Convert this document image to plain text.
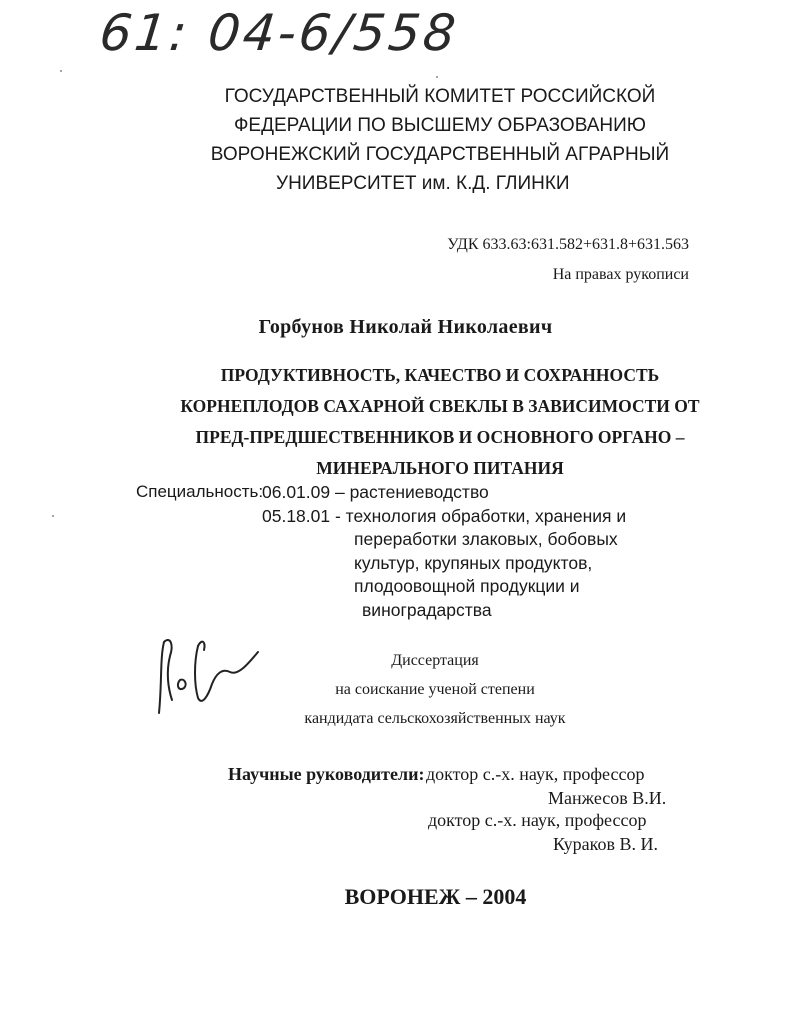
61: 04-6/558
ГОСУДАРСТВЕННЫЙ КОМИТЕТ РОССИЙСКОЙ
ФЕДЕРАЦИИ ПО ВЫСШЕМУ ОБРАЗОВАНИЮ
ВОРОНЕЖСКИЙ ГОСУДАРСТВЕННЫЙ АГРАРНЫЙ
УНИВЕРСИТЕТ им. К.Д. ГЛИНКИ
УДК 633.63:631.582+631.8+631.563
На правах рукописи
Горбунов Николай Николаевич
ПРОДУКТИВНОСТЬ, КАЧЕСТВО И СОХРАННОСТЬ
КОРНЕПЛОДОВ САХАРНОЙ СВЕКЛЫ В ЗАВИСИМОСТИ ОТ
ПРЕД-ПРЕДШЕСТВЕННИКОВ И ОСНОВНОГО ОРГАНО –
МИНЕРАЛЬНОГО ПИТАНИЯ
Специальность:
06.01.09 – растениеводство
05.18.01 - технология обработки, хранения и
переработки злаковых, бобовых
культур, крупяных продуктов,
плодоовощной продукции и
виноградарства
Диссертация
на соискание ученой степени
кандидата сельскохозяйственных наук
Научные руководители: доктор с.-х. наук, профессор
Манжесов В.И.
доктор с.-х. наук, профессор
Кураков В. И.
ВОРОНЕЖ – 2004
